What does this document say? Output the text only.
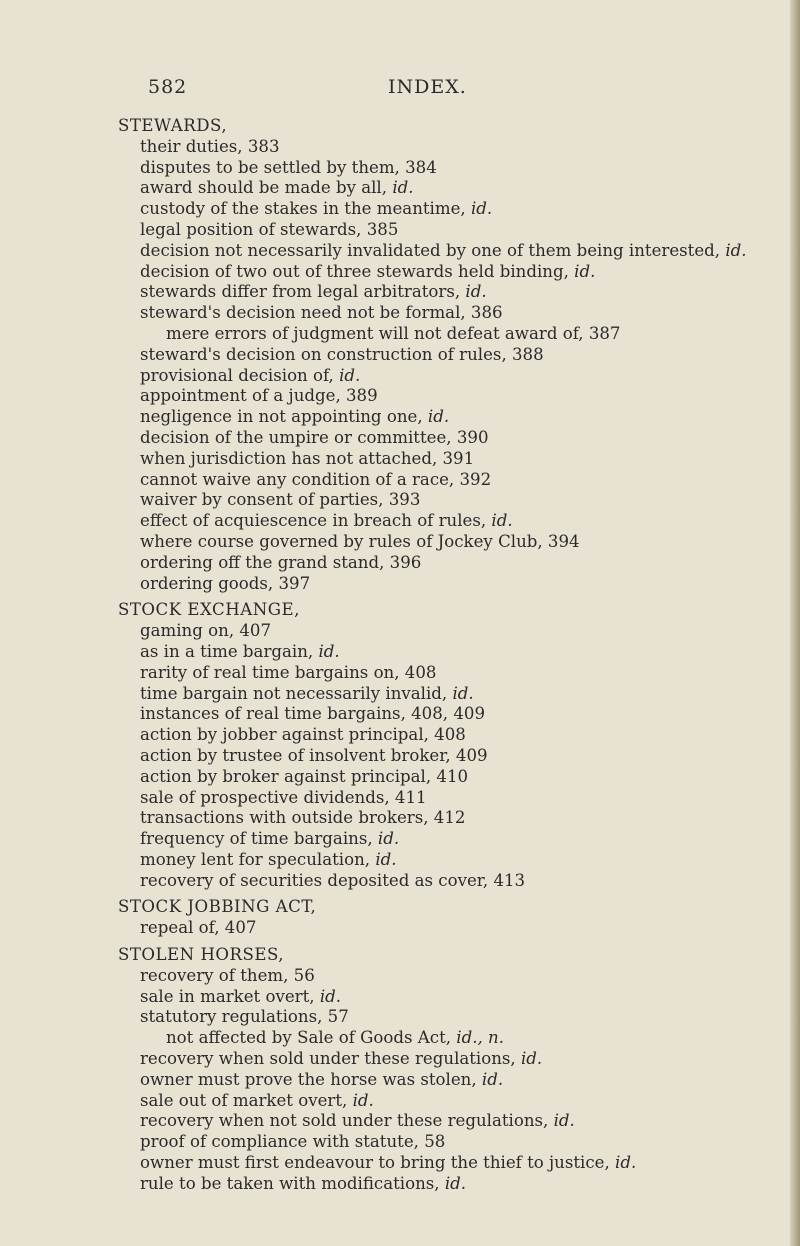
582	INDEX.
STEWARDS,
their duties, 383
disputes to be settled by them, 384
award should be made by all, id.
custody of the stakes in the meantime, id.
legal position of stewards, 385
decision not necessarily invalidated by one of them being interested, id.
decision of two out of three stewards held binding, id.
stewards differ from legal arbitrators, id.
steward's decision need not be formal, 386
mere errors of judgment will not defeat award of, 387
steward's decision on construction of rules, 388
provisional decision of, id.
appointment of a judge, 389
negligence in not appointing one, id.
decision of the umpire or committee, 390
when jurisdiction has not attached, 391
cannot waive any condition of a race, 392
waiver by consent of parties, 393
effect of acquiescence in breach of rules, id.
where course governed by rules of Jockey Club, 394
ordering off the grand stand, 396
ordering goods, 397
STOCK EXCHANGE,
gaming on, 407
as in a time bargain, id.
rarity of real time bargains on, 408
time bargain not necessarily invalid, id.
instances of real time bargains, 408, 409
action by jobber against principal, 408
action by trustee of insolvent broker, 409
action by broker against principal, 410
sale of prospective dividends, 411
transactions with outside brokers, 412
frequency of time bargains, id.
money lent for speculation, id.
recovery of securities deposited as cover, 413
STOCK JOBBING ACT,
repeal of, 407
STOLEN HORSES,
recovery of them, 56
sale in market overt, id.
statutory regulations, 57
not affected by Sale of Goods Act, id., n.
recovery when sold under these regulations, id.
owner must prove the horse was stolen, id.
sale out of market overt, id.
recovery when not sold under these regulations, id.
proof of compliance with statute, 58
owner must first endeavour to bring the thief to justice, id.
rule to be taken with modifications, id.
